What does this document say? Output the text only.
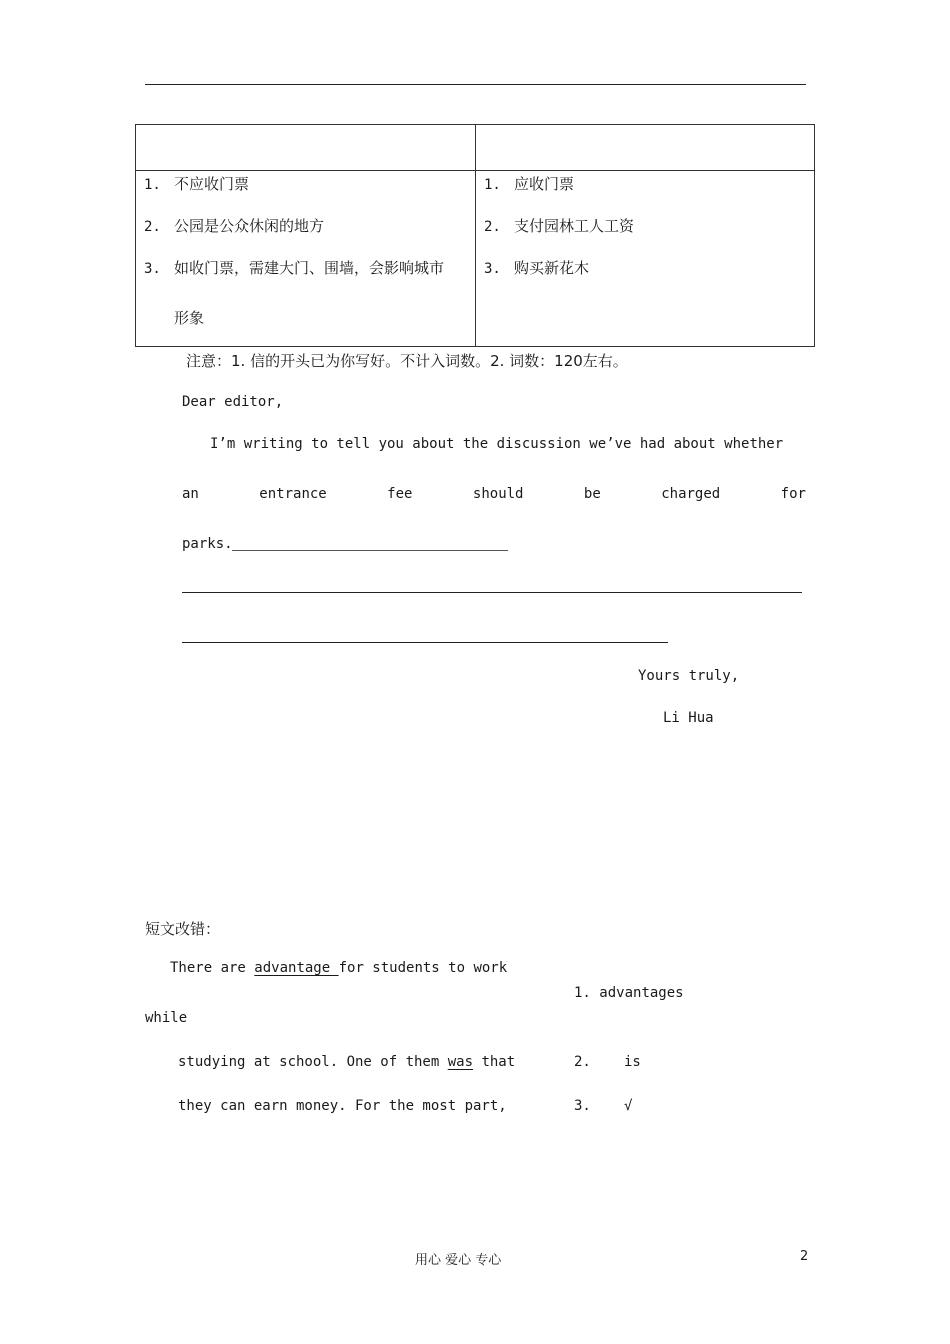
1. 不应收门票
2. 公园是公众休闲的地方
3. 如收门票，需建大门、围墙，会影响城市
形象
1. 应收门票
2. 支付园林工人工资
3. 购买新花木
注意：1. 信的开头已为你写好。不计入词数。2. 词数：120左右。
Dear editor,
I’m writing to tell you about the discussion we’ve had about whether
an	entrance	fee	should	be	charged	for
parks.
Yours truly,
Li Hua
短文改错：
There are advantage for students to work
while
studying at school. One of them was that
they can earn money. For the most part,
1. advantages
2. is
3. √
用心 爱心 专心	2
